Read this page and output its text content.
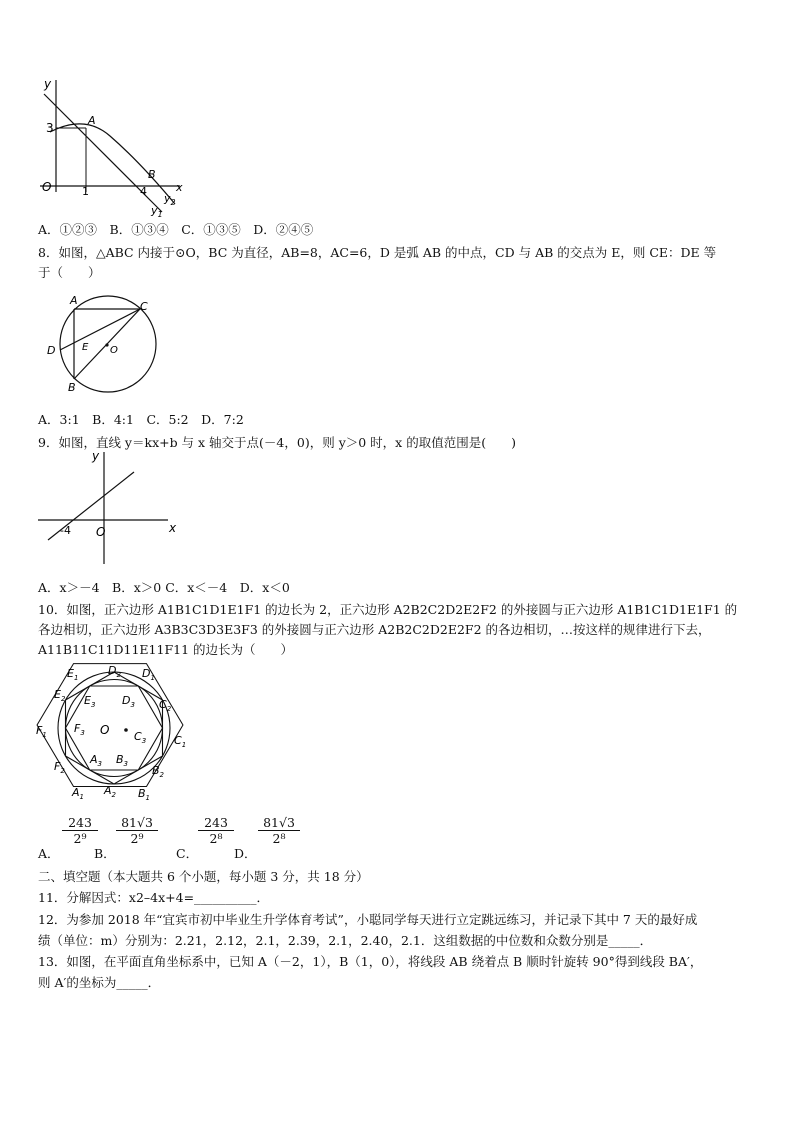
y
x
O
3
1	4
A
B
$y_2$
$y_1$
A．①②③　B．①③④　C．①③⑤　D．②④⑤
8．如图，△ABC 内接于⊙O，BC 为直径，AB=8，AC=6，D 是弧 AB 的中点，CD 与 AB 的交点为 E，则 CE：DE 等
于（　　）
A	C
D	E O
B
A．3:1　B．4:1　C．5:2　D．7:2
9．如图，直线 y＝kx+b 与 x 轴交于点(－4，0)，则 y＞0 时，x 的取值范围是(　　)
y
x
O
-4
A．x＞－4　B．x＞0 C．x＜－4　D．x＜0
10．如图，正六边形 A1B1C1D1E1F1 的边长为 2，正六边形 A2B2C2D2E2F2 的外接圆与正六边形 A1B1C1D1E1F1 的
各边相切，正六边形 A3B3C3D3E3F3 的外接圆与正六边形 A2B2C2D2E2F2 的各边相切，…按这样的规律进行下去，
A11B11C11D11E11F11 的边长为（　　）
$E_1$
$D_2$ $D_1$
$E_2$ $E_3$ $D_3$ $C_2$
$F_1$ $F_3$ O $C_3$	$C_1$
$F_2$
$A_3$ $B_3$ $B_2$
$A_1$ $A_2$ $B_1$
A．
$\frac{243}{\text{2⁹}}$
B．
$\frac{81√3}{\text{2⁹}}$
C．
$\frac{243}{\text{2⁸}}$
D．
$\frac{81√3}{\text{2⁸}}$
二、填空题（本大题共 6 个小题，每小题 3 分，共 18 分）
11．分解因式：x2–4x+4=__________．
12．为参加 2018 年“宜宾市初中毕业生升学体育考试”，小聪同学每天进行立定跳远练习，并记录下其中 7 天的最好成
绩（单位：m）分别为：2.21，2.12，2.1，2.39，2.1，2.40，2.1．这组数据的中位数和众数分别是_____．
13．如图，在平面直角坐标系中，已知 A（－2，1），B（1，0），将线段 AB 绕着点 B 顺时针旋转 90°得到线段 BA′，
则 A′的坐标为_____．
